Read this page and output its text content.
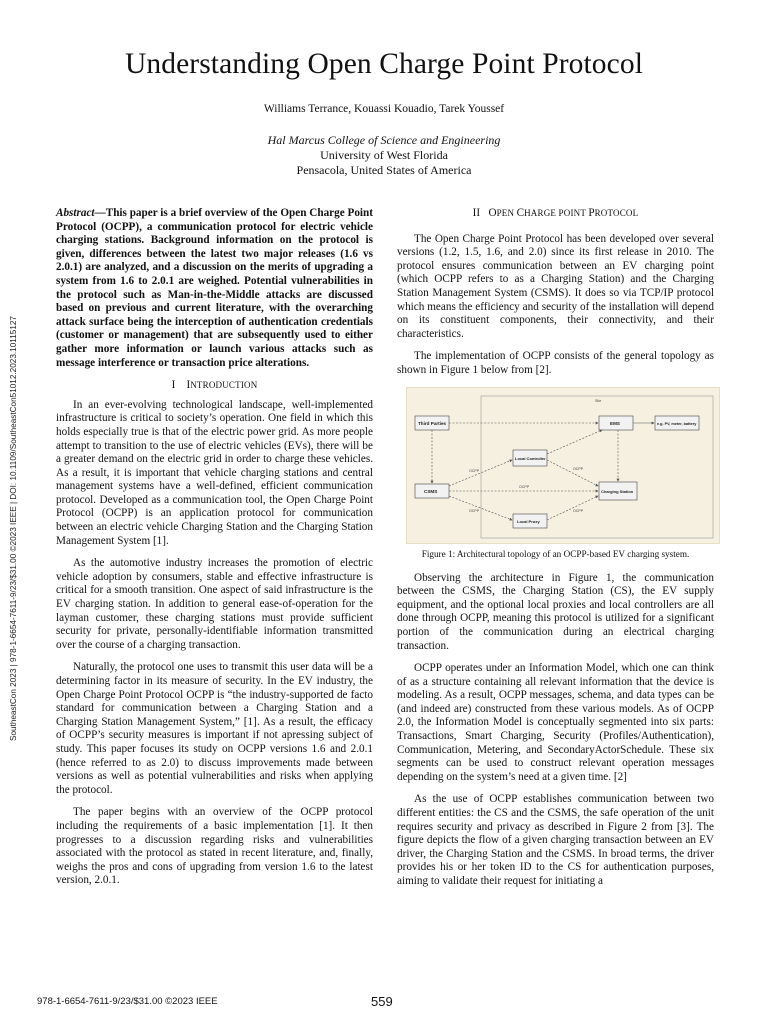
SoutheastCon 2023 | 978-1-6654-7611-9/23/$31.00 ©2023 IEEE | DOI: 10.1109/SoutheastCon51012.2023.10115127
Understanding Open Charge Point Protocol
Williams Terrance, Kouassi Kouadio, Tarek Youssef
Hal Marcus College of Science and Engineering
University of West Florida
Pensacola, United States of America

Abstract—This paper is a brief overview of the Open Charge Point Protocol (OCPP), a communication protocol for electric vehicle charging stations. Background information on the protocol is given, differences between the latest two major releases (1.6 vs 2.0.1) are analyzed, and a discussion on the merits of upgrading a system from 1.6 to 2.0.1 are weighed. Potential vulnerabilities in the protocol such as Man-in-the-Middle attacks are discussed based on previous and current literature, with the overarching attack surface being the interception of authentication credentials (customer or management) that are subsequently used to either gather more information or launch various attacks such as message interference or transaction price alterations.

I INTRODUCTION

In an ever-evolving technological landscape, well-implemented infrastructure is critical to society’s operation. One field in which this holds especially true is that of the electric power grid. As more people attempt to transition to the use of electric vehicles (EVs), there will be a greater demand on the electric grid in order to charge these vehicles. As a result, it is important that vehicle charging stations and central management systems have a well-defined, efficient communication protocol. Developed as a communication tool, the Open Charge Point Protocol (OCPP) is an application protocol for communication between an electric vehicle Charging Station and the Charging Station Management System [1].

As the automotive industry increases the promotion of electric vehicle adoption by consumers, stable and effective infrastructure is critical for a smooth transition. One aspect of said infrastructure is the EV charging station. In addition to general ease-of-operation for the layman customer, these charging stations must provide sufficient security for private, personally-identifiable information transmitted over the course of a charging transaction.

Naturally, the protocol one uses to transmit this user data will be a determining factor in its measure of security. In the EV industry, the Open Charge Point Protocol OCPP is “the industry-supported de facto standard for communication between a Charging Station and a Charging Station Management System,” [1]. As a result, the efficacy of OCPP’s security measures is important if not apressing subject of study. This paper focuses its study on OCPP versions 1.6 and 2.0.1 (hence referred to as 2.0) to discuss improvements made between versions as well as potential vulnerabilities and risks when applying the protocol.

The paper begins with an overview of the OCPP protocol including the requirements of a basic implementation [1]. It then progresses to a discussion regarding risks and vulnerabilities associated with the protocol as stated in recent literature, and, finally, weighs the pros and cons of upgrading from version 1.6 to the latest version, 2.0.1.

II OPEN CHARGE POINT PROTOCOL

The Open Charge Point Protocol has been developed over several versions (1.2, 1.5, 1.6, and 2.0) since its first release in 2010. The protocol ensures communication between an EV charging point (which OCPP refers to as a Charging Station) and the Charging Station Management System (CSMS). It does so via TCP/IP protocol which means the efficiency and security of the installation will depend on its constituent components, their connectivity, and their characteristics.

The implementation of OCPP consists of the general topology as shown in Figure 1 below from [2].

Site
Third Parties	EMS	e.g. PV, meter, battery
Local Controller
CSMS	Charging Station
Local Proxy
OCPP
OCPP	OCPP
OCPP	OCPP
Figure 1: Architectural topology of an OCPP-based EV charging system.

Observing the architecture in Figure 1, the communication between the CSMS, the Charging Station (CS), the EV supply equipment, and the optional local proxies and local controllers are all done through OCPP, meaning this protocol is utilized for a significant portion of the communication during an electrical charging transaction.

OCPP operates under an Information Model, which one can think of as a structure containing all relevant information that the device is modeling. As a result, OCPP messages, schema, and data types can be (and indeed are) constructed from these various models. As of OCPP 2.0, the Information Model is conceptually segmented into six parts: Transactions, Smart Charging, Security (Profiles/Authentication), Communication, Metering, and SecondaryActorSchedule. These six segments can be used to construct relevant operation messages depending on the system’s need at a given time. [2]

As the use of OCPP establishes communication between two different entities: the CS and the CSMS, the safe operation of the unit requires security and privacy as described in Figure 2 from [3]. The figure depicts the flow of a given charging transaction between an EV driver, the Charging Station and the CSMS. In broad terms, the driver provides his or her token ID to the CS for authentication purposes, aiming to validate their request for initiating a

978-1-6654-7611-9/23/$31.00 ©2023 IEEE	559
